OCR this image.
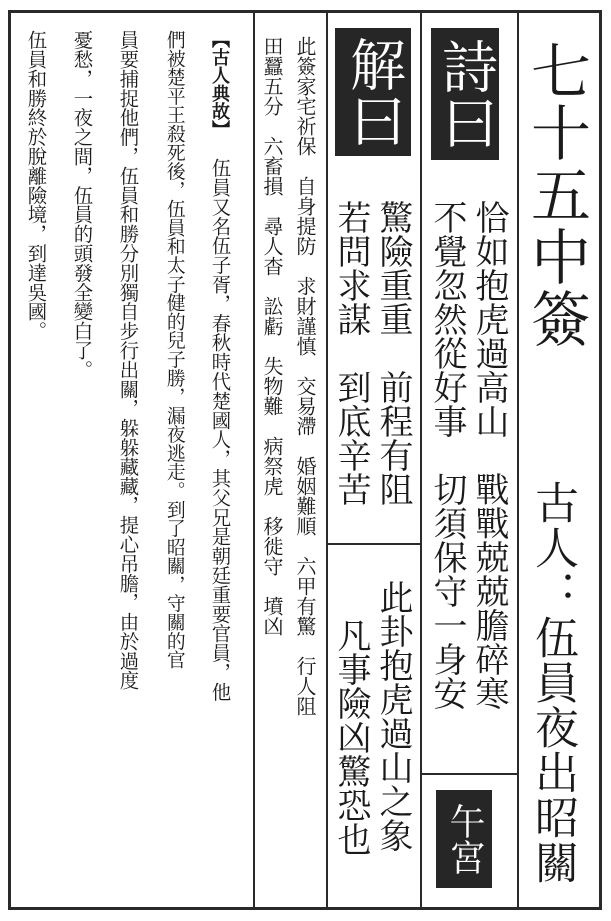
七十五中簽
古人：伍員夜出昭關
詩曰
恰如抱虎過高山　戰戰兢兢膽碎寒
不覺忽然從好事　切須保守一身安
午宮
解曰
驚險重重　前程有阻
若問求謀　到底辛苦
此卦抱虎過山之象
凡事險凶驚恐也
此簽家宅祈保　自身提防　求財謹慎　交易滯　婚姻難順　六甲有驚　行人阻
田蠶五分　六畜損　尋人杳　訟虧　失物難　病祭虎　移徙守　墳凶
【古人典故】
伍員又名伍子胥，春秋時代楚國人，其父兄是朝廷重要官員，他
們被楚平王殺死後，伍員和太子健的兒子勝，漏夜逃走。到了昭關，守關的官
員要捕捉他們，伍員和勝分別獨自步行出關，躲躲藏藏，提心吊膽，由於過度
憂愁，一夜之間，伍員的頭發全變白了。
伍員和勝終於脫離險境，到達吳國。
